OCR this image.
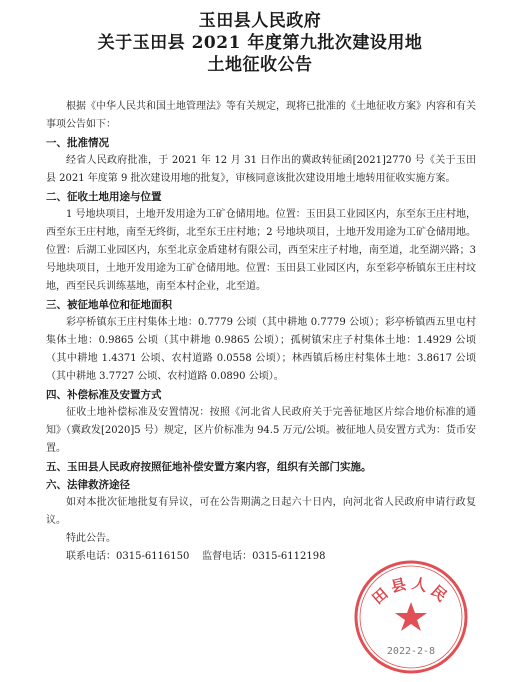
玉田县人民政府
关于玉田县 2021 年度第九批次建设用地
土地征收公告

根据《中华人民共和国土地管理法》等有关规定，现将已批准的《土地征收方案》内容和有关事项公告如下：

一、批准情况

经省人民政府批准，于 2021 年 12 月 31 日作出的冀政转征函[2021]2770 号《关于玉田县 2021 年度第 9 批次建设用地的批复》，审核同意该批次建设用地土地转用征收实施方案。

二、征收土地用途与位置

1 号地块项目，土地开发用途为工矿仓储用地。位置：玉田县工业园区内，东至东王庄村地，西至东王庄村地，南至无终街，北至东王庄村地；2 号地块项目，土地开发用途为工矿仓储用地。位置：后湖工业园区内，东至北京金盾建材有限公司，西至宋庄子村地，南至道，北至湖兴路；3 号地块项目，土地开发用途为工矿仓储用地。位置：玉田县工业园区内，东至彩亭桥镇东王庄村坟地，西至民兵训练基地，南至本村企业，北至道。

三、被征地单位和征地面积

彩亭桥镇东王庄村集体土地：0.7779 公顷（其中耕地 0.7779 公顷）；彩亭桥镇西五里屯村集体土地：0.9865 公顷（其中耕地 0.9865 公顷）；孤树镇宋庄子村集体土地：1.4929 公顷（其中耕地 1.4371 公顷、农村道路 0.0558 公顷）；林西镇后杨庄村集体土地：3.8617 公顷（其中耕地 3.7727 公顷、农村道路 0.0890 公顷）。

四、补偿标准及安置方式

征收土地补偿标准及安置情况：按照《河北省人民政府关于完善征地区片综合地价标准的通知》（冀政发[2020]5 号）规定，区片价标准为 94.5 万元/公顷。被征地人员安置方式为：货币安置。

五、玉田县人民政府按照征地补偿安置方案内容，组织有关部门实施。

六、法律救济途径

如对本批次征地批复有异议，可在公告期满之日起六十日内，向河北省人民政府申请行政复议。

特此公告。

联系电话：0315-6116150    监督电话：0315-6112198

田县人民
2022-2-8
